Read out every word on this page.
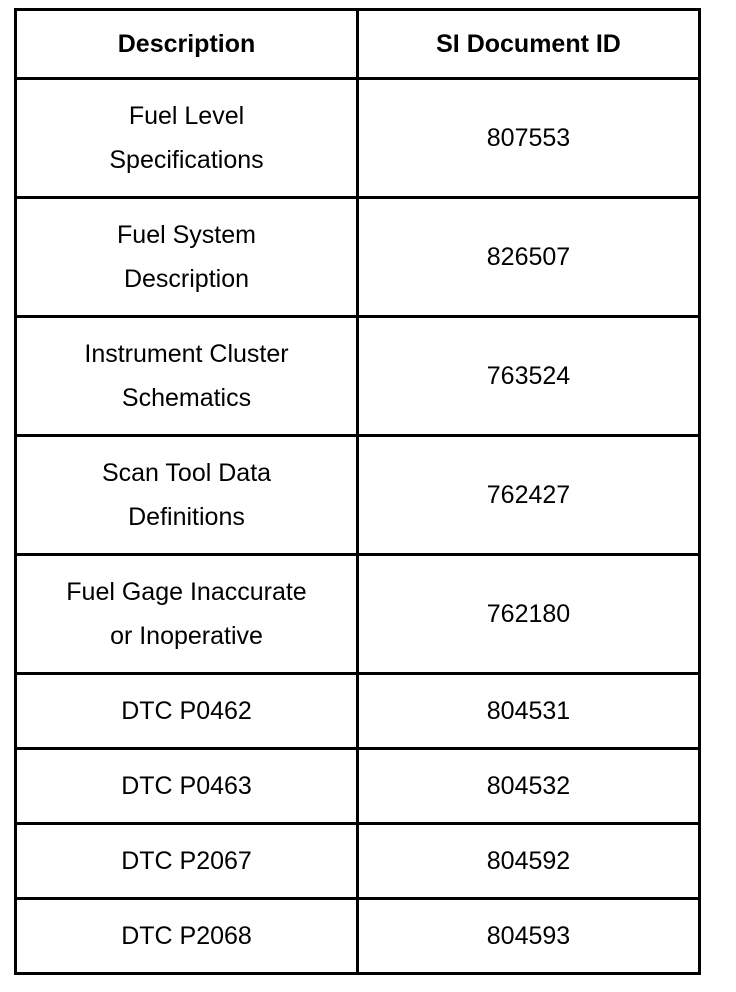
Description	SI Document ID

Fuel Level
Specifications	807553

Fuel System
Description	826507

Instrument Cluster
Schematics	763524

Scan Tool Data
Definitions	762427

Fuel Gage Inaccurate
or Inoperative	762180

DTC P0462	804531

DTC P0463	804532

DTC P2067	804592

DTC P2068	804593
